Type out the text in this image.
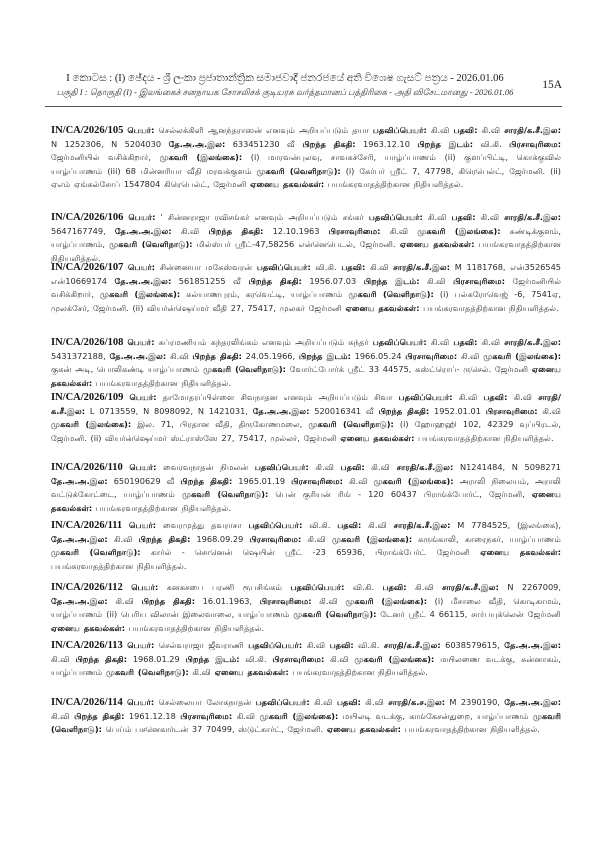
I කොටස : (I) ඡේදය - ශ්‍රී ලංකා ප්‍රජාතාන්ත්‍රික සමාජවාදී ජනරජයේ අති විශෙෂ ගැසට් පත්‍රය - 2026.01.06
பகுதி I : தொகுதி (I) - இலங்கைச் சனநாயக சோசலிசக் குடியரசு வர்த்தமானப் பத்திரிகை - அதி விசேடமானது - 2026.01.06
15A
IN/CA/2026/105 பெயர்: செல்லக்கிளி ஆனந்தராஸன் எனவும் அறியப்படும் தயா பதவிப்பெயர்: கி.வி பதவி: கி.வி சாரதி/க.சீ.இல: N 1252306, N 5204030 தே.அ.அ.இல: 633451230 வீ பிறந்த திகதி: 1963.12.10 பிறந்த இடம்: வி.கி. பிரசாவுரிமை: ஜேர்மனியில் வசிக்கிறார், முகவரி (இலங்கை): (i) மாரவன்புலவு, சாவகச்சேரி, யாழ்ப்பாணம் (ii) குளப்பிட்டி, கொக்குவில் யாழ்ப்பாணம் (iii) 68 மின்னரியா வீதி மரவக்குளம் முகவரி (வெளிநாடு): (i) கேர்பர் ஸ்ரீட் 7, 47798, கிரெபெல்ட், ஜேர்மனி. (ii) ஏஎம் ஏங்கல்சோப் 1547804 கிரெபெல்ட், ஜேர்மனி ஏனைய தகவல்கள்: பயங்கரவாதத்திற்கான நிதியளித்தல்.
IN/CA/2026/106 பெயர்: ' சின்னராஜா ரவிசங்கர் எனவும் அறியப்படும் சங்கர் பதவிப்பெயர்: கி.வி பதவி: கி.வி சாரதி/க.சீ.இல: 5647167749, தே.அ.அ.இல: கி.வி பிறந்த திகதி: 12.10.1963 பிரசாவுரிமை: கி.வி முகவரி (இலங்கை): சுண்டிக்குளம், யாழ்ப்பாணம், முகவரி (வெளிநாடு): மில்ஸ்பர் ஸ்ரீட்-47,58256 என்னெபெடல், ஜேர்மனி. ஏனைய தகவல்கள்: பயங்கரவாதத்திற்கான நிதியளித்தல்.
IN/CA/2026/107 பெயர்: சின்னையா மகேஸ்வரன் பதவிப்பெயர்: வி.கி. பதவி: கி.வி சாரதி/க.சீ.இல: M 1181768, என்3526545 என்10669174 தே.அ.அ.இல: 561851255 வீ பிறந்த திகதி: 1956.07.03 பிறந்த இடம்: கி.வி பிரசாவுரிமை: ஜேர்மனியில் வசிக்கிறார், முகவரி (இலங்கை): கல்யாணபுரம், கரவெட்டி, யாழ்ப்பாணம் முகவரி (வெளிநாடு): (i) பல்கரோவெஜ் -6, 7541ஏ, முலக்சேர், ஜேர்மனி. (ii) வியர்ன்ஷெய்மர் வீதி 27, 75417, முலகர் ஜேர்மனி ஏனைய தகவல்கள்: பயங்கரவாதத்திற்கான நிதியளித்தல்.
IN/CA/2026/108 பெயர்: சுப்ரமணியம் சுந்தரலிங்கம் எனவும் அறியப்படும் சுந்தர் பதவிப்பெயர்: கி.வி பதவி: கி.வி சாரதி/க.சீ.இல: 5431372188, தே.அ.அ.இல: கி.வி பிறந்த திகதி: 24.05.1966, பிறந்த இடம்: 1966.05.24 பிரசாவுரிமை: கி.வி முகவரி (இலங்கை): குகன் அடி, பொலிகண்டி யாழ்ப்பாணம் முகவரி (வெளிநாடு): வோர்ட்போர்க் ஸ்ரீட் 33 44575, கஸ்ட்ரொப்- ருசெல். ஜேர்மனி ஏனைய தகவல்கள்: பயங்கரவாதத்திற்கான நிதியளித்தல்.
IN/CA/2026/109 பெயர்: தாமோதரப்பிள்ளை சிவநாதன எனவும் அறியப்படும் சிவா பதவிப்பெயர்: கி.வி பதவி: கி.வி சாரதி/க.சீ.இல: L 0713559, N 8098092, N 1421031, தே.அ.அ.இல: 520016341 வீ பிறந்த திகதி: 1952.01.01 பிரசாவுரிமை: கி.வி முகவரி (இலங்கை): இல. 71, பிரதான வீதி, திருகோணமலை, முகவரி (வெளிநாடு): (i) ஹோஹஹி 102, 42329 வுப்பிரடல், ஜேர்மனி. (ii) வியர்ன்ஷெய்மர் ஸ்ட்ராஸ்ஸே 27, 75417, முல்லர், ஜேர்மனி ஏனைய தகவல்கள்: பயங்கரவாதத்திற்கான நிதியளித்தல்.
IN/CA/2026/110 பெயர்: வைரவநாதன் நிமலன் பதவிப்பெயர்: கி.வி பதவி: கி.வி சாரதி/க.சீ.இல: N1241484, N 5098271 தே.அ.அ.இல: 650190629 வீ பிறந்த திகதி: 1965.01.19 பிரசாவுரிமை: கி.வி முகவரி (இலங்கை): அராலி நிலையம், அராலி வட்டுக்கோட்டை, யாழ்ப்பாணம் முகவரி (வெளிநாடு): பென் குரியன் ரிங் - 120 60437 பிராங்க்போர்ட், ஜேர்மனி, ஏனைய தகவல்கள்: பயங்கரவாதத்திற்கான நிதியளித்தல்.
IN/CA/2026/111 பெயர்: வைரமுத்து தவராசா பதவிப்பெயர்: வி.கி. பதவி: கி.வி சாரதி/க.சீ.இல: M 7784525, (இலங்கை), தே.அ.அ.இல: கி.வி பிறந்த திகதி: 1968.09.29 பிரசாவுரிமை: கி.வி முகவரி (இலங்கை): கருங்காலி, காரைநகர், யாழ்ப்பாணம் முகவரி (வெளிநாடு): கார்ல் - சொனென் ஷெயின் ஸ்ரீட் -23 65936, பிராங்க்பேர்ட் ஜேர்மனி ஏனைய தகவல்கள்: பயங்கரவாதத்திற்கான நிதியளித்தல்.
IN/CA/2026/112 பெயர்: கனகசபை பரணி ரூபசிங்கம் பதவிப்பெயர்: வி.கி. பதவி: கி.வி சாரதி/க.சீ.இல: N 2267009, தே.அ.அ.இல: கி.வி பிறந்த திகதி: 16.01.1963, பிரசாவுரிமை: கி.வி முகவரி (இலங்கை): (i) மீசாலை வீதி, கொடிகாமம், யாழ்ப்பாணம் (ii) பெரிய விலான் இலைவாலை, யாழ்ப்பாணம் முகவரி (வெளிநாடு): டேனர் ஸ்ரீட் 4 66115, சார்பயுக்லென் ஜேர்மனி ஏனைய தகவல்கள்: பயங்கரவாதத்திற்கான நிதியளித்தல்.
IN/CA/2026/113 பெயர்: செல்வராஜா ஜீவராணி பதவிப்பெயர்: கி.வி பதவி: வி.கி. சாரதி/க.சீ.இல: 6038579615, தே.அ.அ.இல: கி.வி பிறந்த திகதி: 1968.01.29 பிறந்த இடம்: வி.கி. பிரசாவுரிமை: கி.வி முகவரி (இலங்கை): மயிலணை வடக்கு, சுன்னாகம், யாழ்ப்பாணம் முகவரி (வெளிநாடு): கி.வி ஏனைய தகவல்கள்: பயங்கரவாதத்திற்கான நிதியளித்தல்.
IN/CA/2026/114 பெயர்: செல்லையா லோகநாதன் பதவிப்பெயர்: கி.வி பதவி: கி.வி சாரதி/க.ச.இல: M 2390190, தே.அ.அ.இல: கி.வி பிறந்த திகதி: 1961.12.18 பிரசாவுரிமை: கி.வி முகவரி (இலங்கை): மயிலடி வடக்கு, காங்கேசன்துறை, யாழ்ப்பாணம் முகவரி (வெளிநாடு): பெய்ம் பசனெகார்டன் 37 70499, ஸ்டுட்கார்ட், ஜேர்மனி. ஏனைய தகவல்கள்: பயங்கரவாதத்திற்கான நிதியளித்தல்.
